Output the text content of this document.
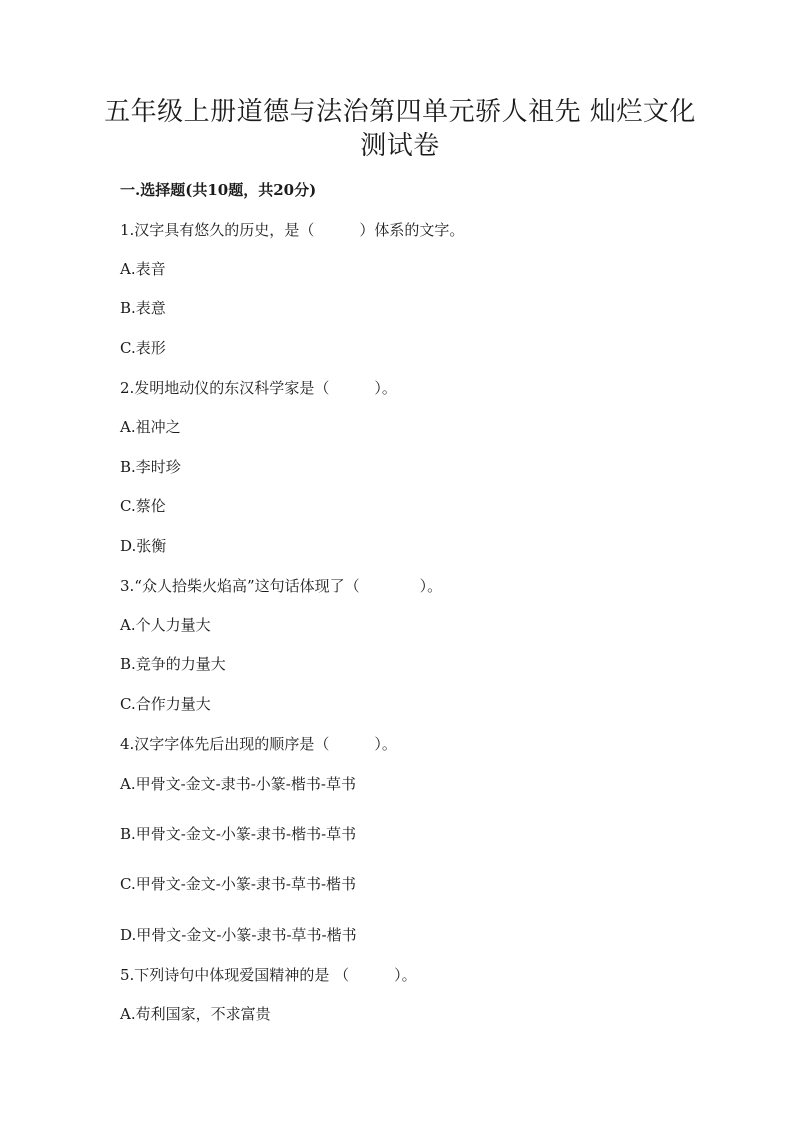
五年级上册道德与法治第四单元骄人祖先 灿烂文化
测试卷
一.选择题(共10题，共20分)
1.汉字具有悠久的历史，是（　　　）体系的文字。
A.表音
B.表意
C.表形
2.发明地动仪的东汉科学家是（　　　）。
A.祖冲之
B.李时珍
C.蔡伦
D.张衡
3.“众人拾柴火焰高”这句话体现了（　　　　）。
A.个人力量大
B.竞争的力量大
C.合作力量大
4.汉字字体先后出现的顺序是（　　　）。
A.甲骨文-金文-隶书-小篆-楷书-草书
B.甲骨文-金文-小篆-隶书-楷书-草书
C.甲骨文-金文-小篆-隶书-草书-楷书
D.甲骨文-金文-小篆-隶书-草书-楷书
5.下列诗句中体现爱国精神的是 （　　　）。
A.苟利国家，不求富贵
